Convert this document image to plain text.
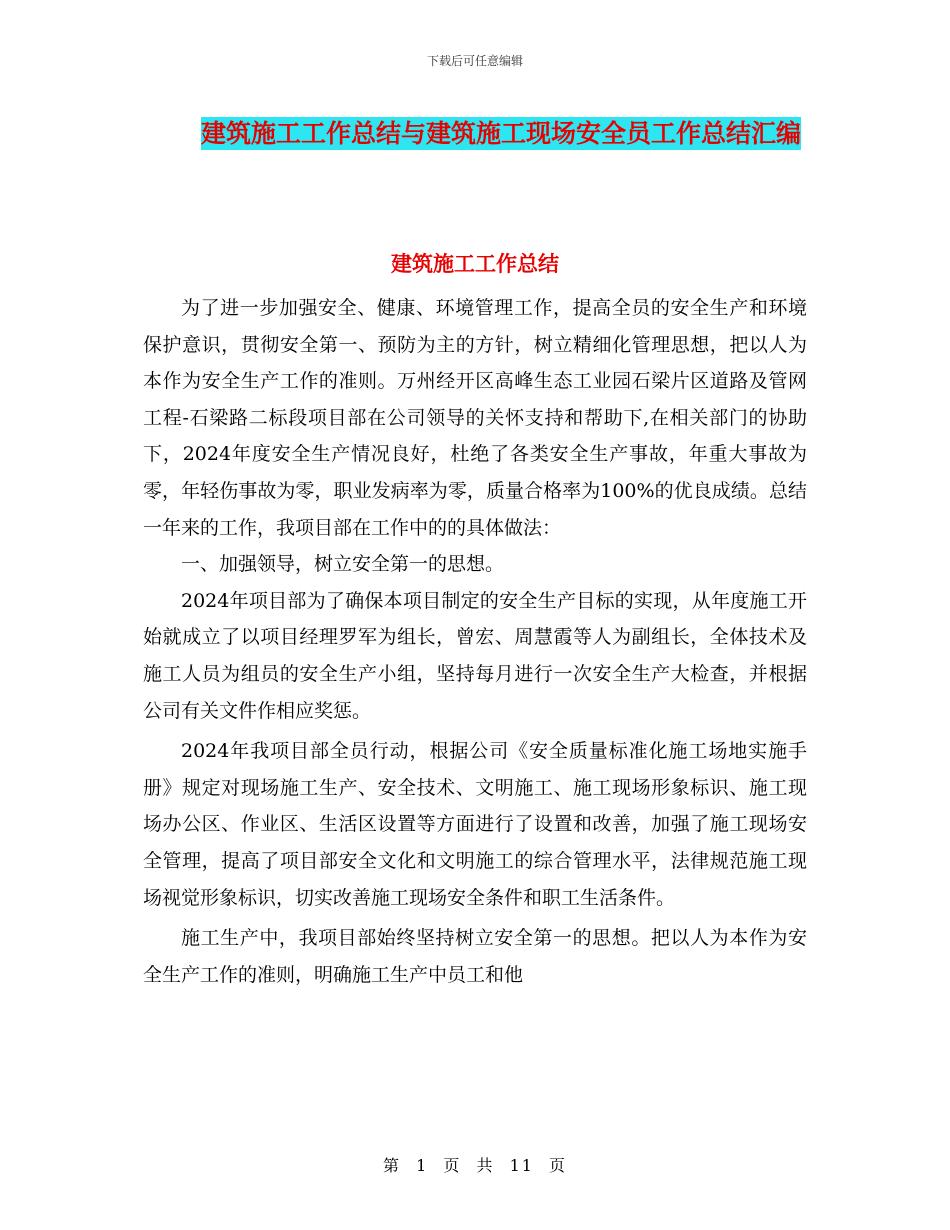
下载后可任意编辑
建筑施工工作总结与建筑施工现场安全员工作总结汇编
建筑施工工作总结

为了进一步加强安全、健康、环境管理工作，提高全员的安全生产和环境保护意识，贯彻安全第一、预防为主的方针，树立精细化管理思想，把以人为本作为安全生产工作的准则。万州经开区高峰生态工业园石梁片区道路及管网工程-石梁路二标段项目部在公司领导的关怀支持和帮助下,在相关部门的协助下，2024年度安全生产情况良好，杜绝了各类安全生产事故，年重大事故为零，年轻伤事故为零，职业发病率为零，质量合格率为100%的优良成绩。总结一年来的工作，我项目部在工作中的的具体做法：

一、加强领导，树立安全第一的思想。

2024年项目部为了确保本项目制定的安全生产目标的实现，从年度施工开始就成立了以项目经理罗军为组长，曾宏、周慧霞等人为副组长，全体技术及施工人员为组员的安全生产小组，坚持每月进行一次安全生产大检查，并根据公司有关文件作相应奖惩。

2024年我项目部全员行动，根据公司《安全质量标准化施工场地实施手册》规定对现场施工生产、安全技术、文明施工、施工现场形象标识、施工现场办公区、作业区、生活区设置等方面进行了设置和改善，加强了施工现场安全管理，提高了项目部安全文化和文明施工的综合管理水平，法律规范施工现场视觉形象标识，切实改善施工现场安全条件和职工生活条件。

施工生产中，我项目部始终坚持树立安全第一的思想。把以人为本作为安全生产工作的准则，明确施工生产中员工和他

第 1 页 共 11 页
